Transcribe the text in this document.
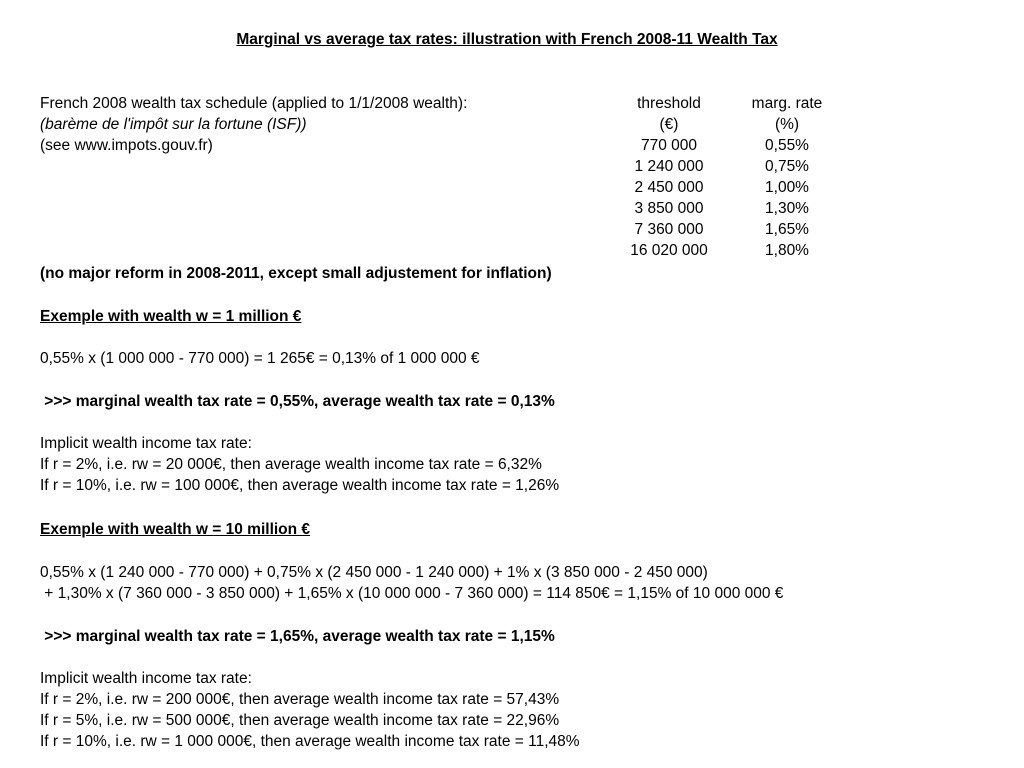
Marginal vs average tax rates: illustration with French 2008-11 Wealth Tax
French 2008 wealth tax schedule (applied to 1/1/2008 wealth):
(barème de l'impôt sur la fortune (ISF))
(see www.impots.gouv.fr)
threshold	marg. rate
(€)	(%)
770 000	0,55%
1 240 000	0,75%
2 450 000	1,00%
3 850 000	1,30%
7 360 000	1,65%
16 020 000	1,80%
(no major reform in 2008-2011, except small adjustement for inflation)
Exemple with wealth w = 1 million €
0,55% x (1 000 000 - 770 000) = 1 265€ = 0,13% of 1 000 000 €
>>> marginal wealth tax rate = 0,55%, average wealth tax rate = 0,13%
Implicit wealth income tax rate:
If r = 2%, i.e. rw = 20 000€, then average wealth income tax rate = 6,32%
If r = 10%, i.e. rw = 100 000€, then average wealth income tax rate = 1,26%
Exemple with wealth w = 10 million €
0,55% x (1 240 000 - 770 000) + 0,75% x (2 450 000 - 1 240 000) + 1% x (3 850 000 - 2 450 000)
+ 1,30% x (7 360 000 - 3 850 000) + 1,65% x (10 000 000 - 7 360 000) = 114 850€ = 1,15% of 10 000 000 €
>>> marginal wealth tax rate = 1,65%, average wealth tax rate = 1,15%
Implicit wealth income tax rate:
If r = 2%, i.e. rw = 200 000€, then average wealth income tax rate = 57,43%
If r = 5%, i.e. rw = 500 000€, then average wealth income tax rate = 22,96%
If r = 10%, i.e. rw = 1 000 000€, then average wealth income tax rate = 11,48%
